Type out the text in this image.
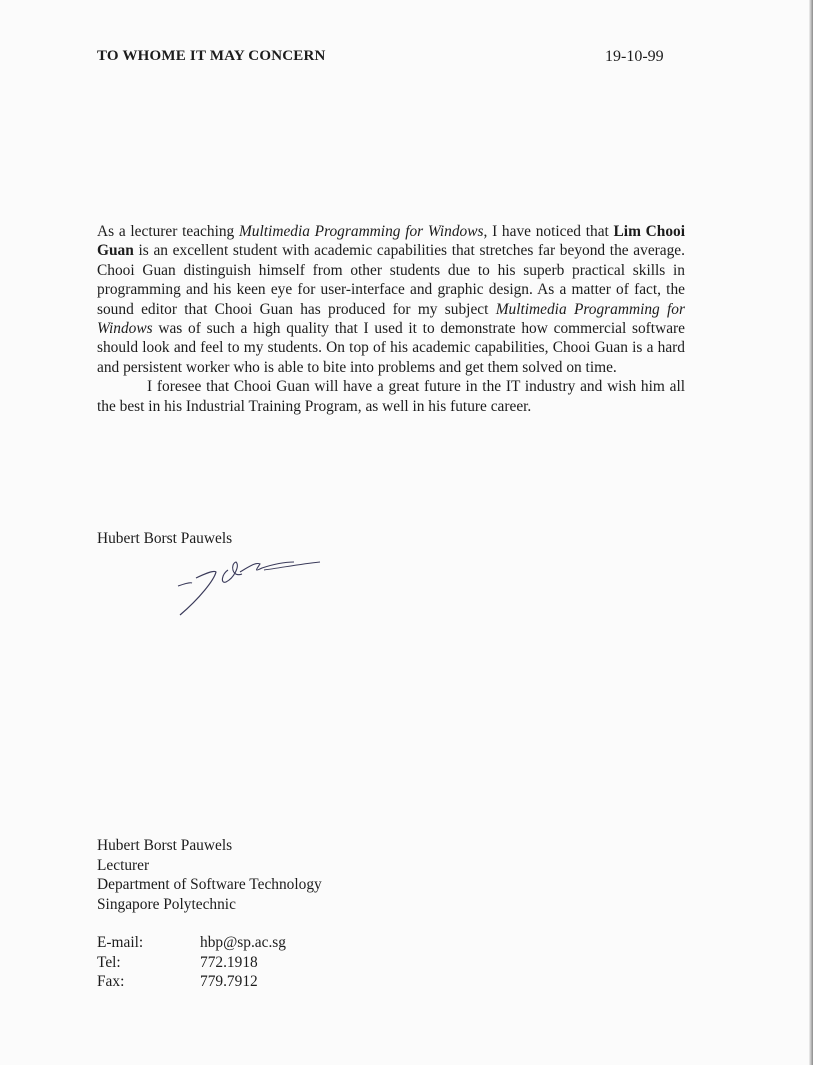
TO WHOME IT MAY CONCERN	19-10-99

As a lecturer teaching Multimedia Programming for Windows, I have noticed that Lim Chooi Guan is an excellent student with academic capabilities that stretches far beyond the average. Chooi Guan distinguish himself from other students due to his superb practical skills in programming and his keen eye for user-interface and graphic design. As a matter of fact, the sound editor that Chooi Guan has produced for my subject Multimedia Programming for Windows was of such a high quality that I used it to demonstrate how commercial software should look and feel to my students. On top of his academic capabilities, Chooi Guan is a hard and persistent worker who is able to bite into problems and get them solved on time.

I foresee that Chooi Guan will have a great future in the IT industry and wish him all the best in his Industrial Training Program, as well in his future career.

Hubert Borst Pauwels
Hubert Borst Pauwels
Lecturer
Department of Software Technology
Singapore Polytechnic
E-mail:	hbp@sp.ac.sg
Tel:	772.1918
Fax:	779.7912
